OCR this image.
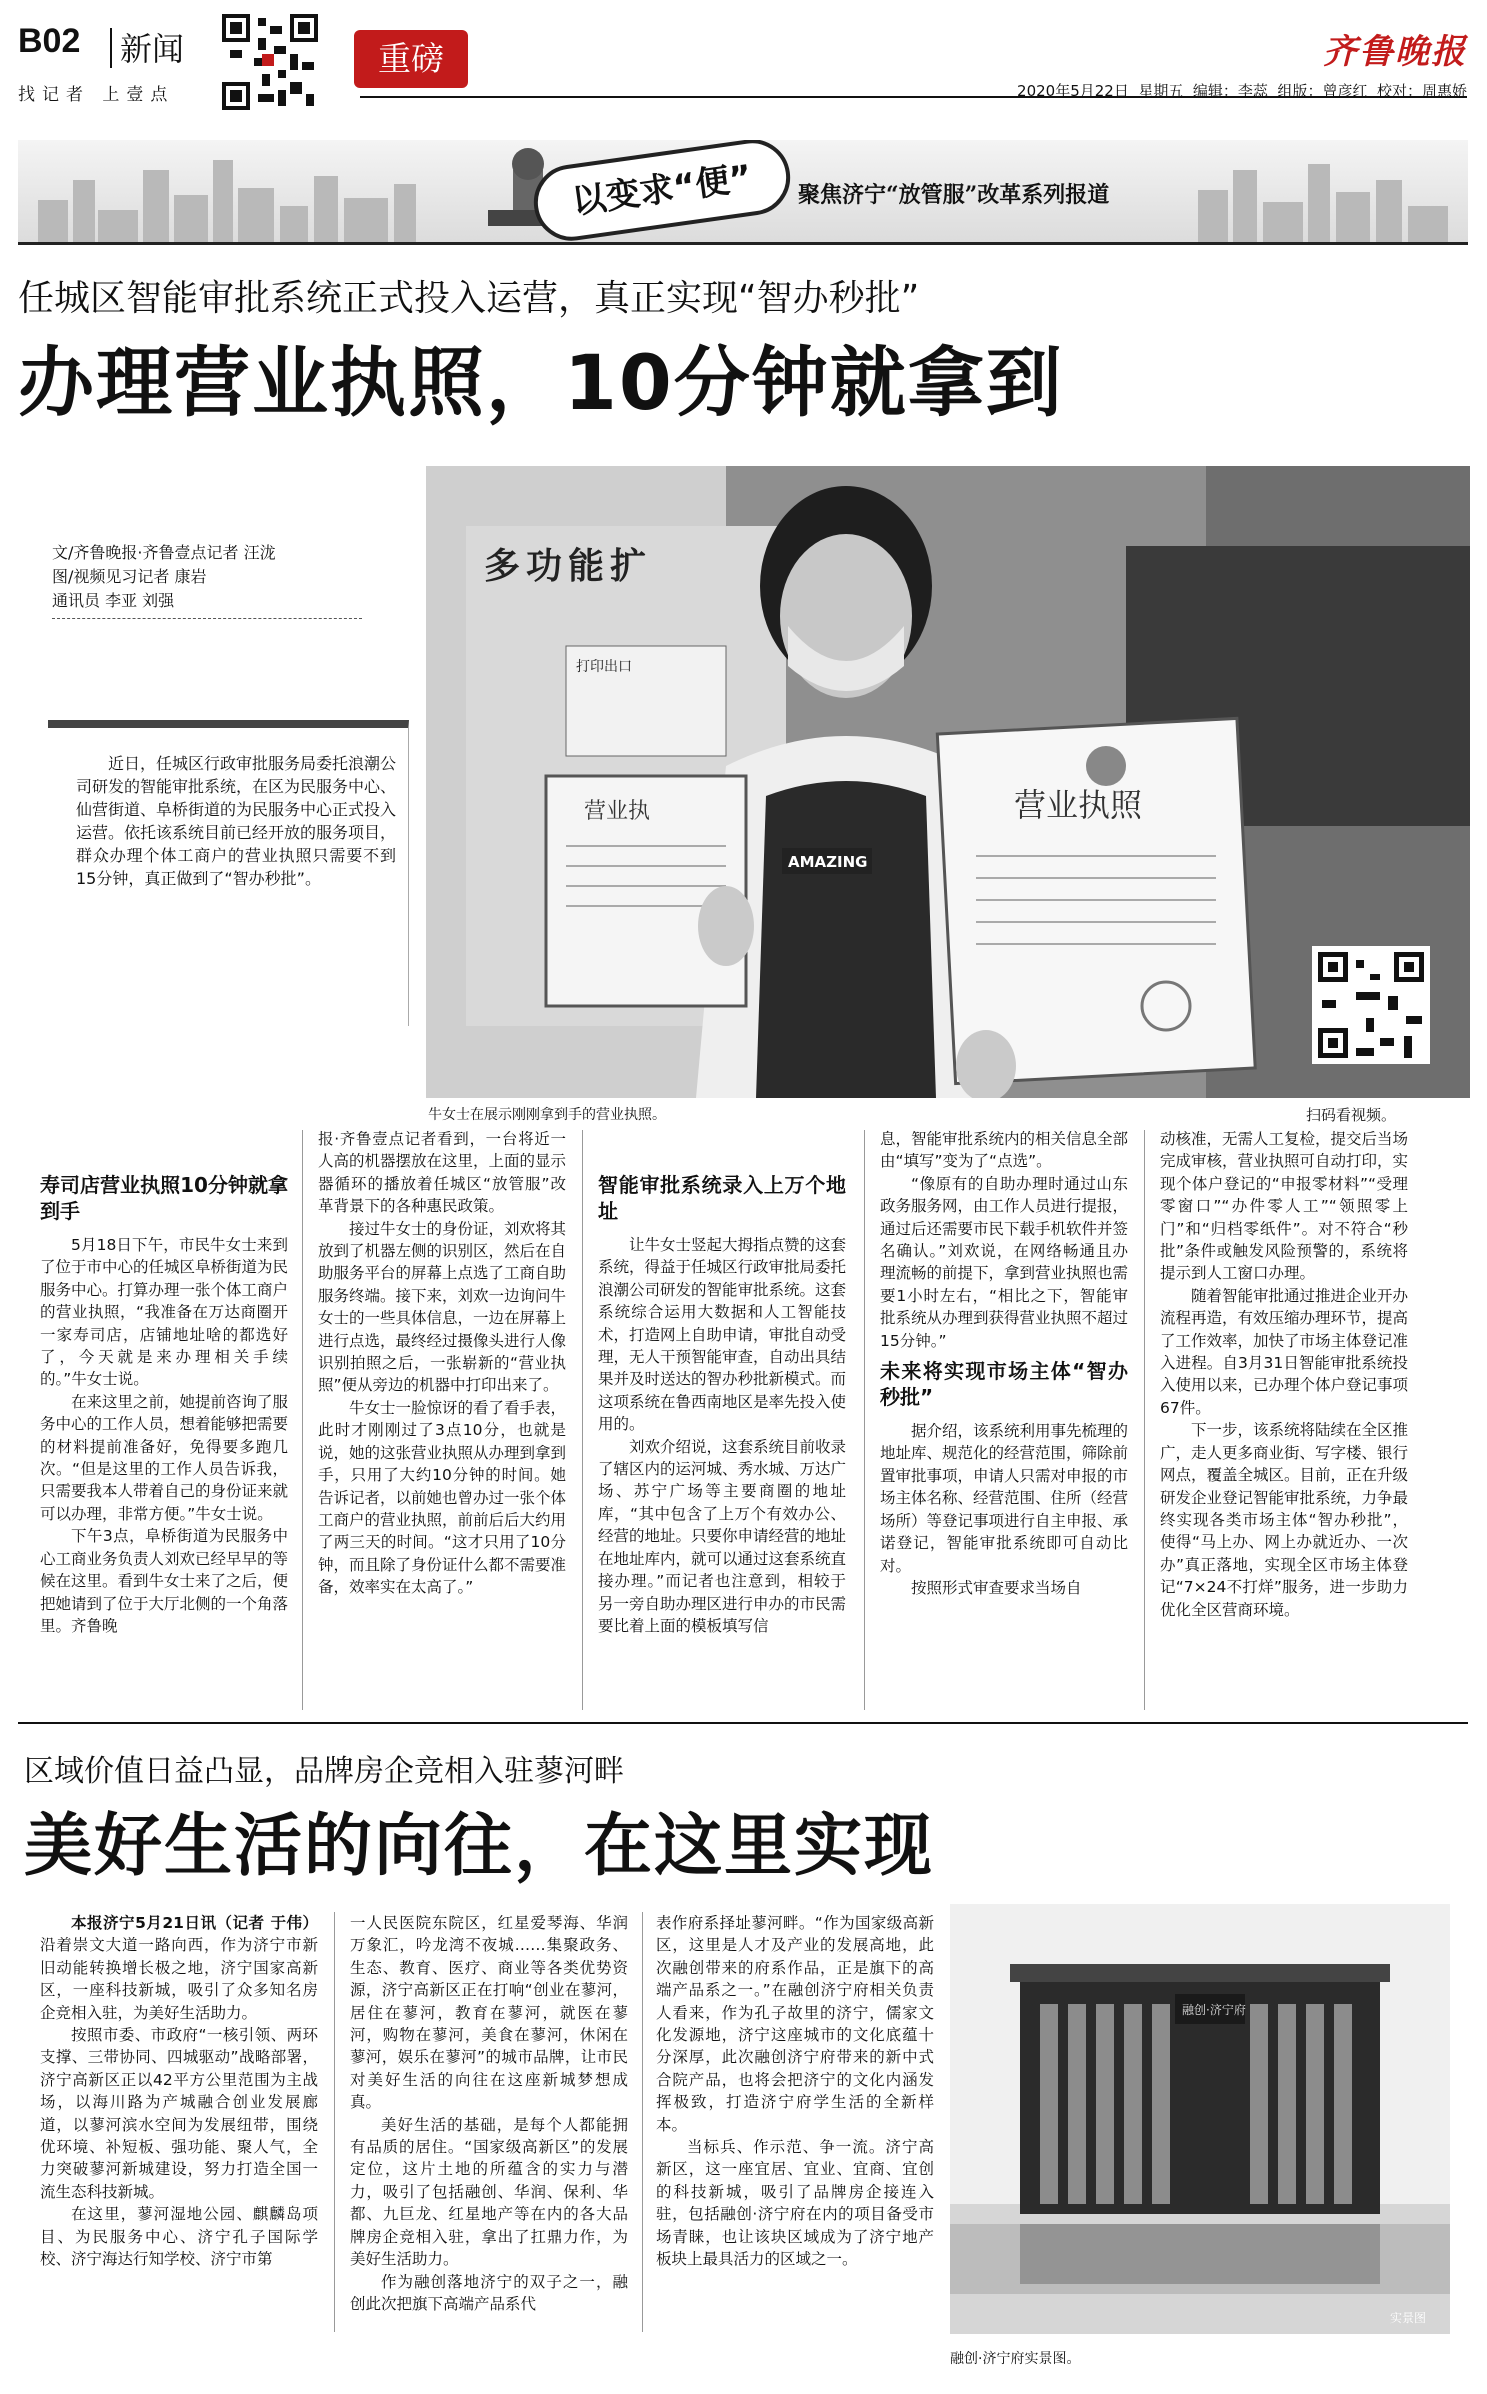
B02 新闻
找记者 上壹点
重磅	齐鲁晚报
2020年5月22日  星期五  编辑：李蕊  组版：曾彦红  校对：周惠娇
以变求“便”	聚焦济宁“放管服”改革系列报道
任城区智能审批系统正式投入运营，真正实现“智办秒批”
办理营业执照，10分钟就拿到
文/齐鲁晚报·齐鲁壹点记者 汪泷
图/视频见习记者 康岩
通讯员 李亚 刘强
近日，任城区行政审批服务局委托浪潮公司研发的智能审批系统，在区为民服务中心、仙营街道、阜桥街道的为民服务中心正式投入运营。依托该系统目前已经开放的服务项目，群众办理个体工商户的营业执照只需要不到15分钟，真正做到了“智办秒批”。
多功能扩
打印出口
AMAZING
营业执	营业执照
牛女士在展示刚刚拿到手的营业执照。	扫码看视频。
寿司店营业执照10分钟就拿到手

5月18日下午，市民牛女士来到了位于市中心的任城区阜桥街道为民服务中心。打算办理一张个体工商户的营业执照，“我准备在万达商圈开一家寿司店，店铺地址啥的都选好了，今天就是来办理相关手续的。”牛女士说。

在来这里之前，她提前咨询了服务中心的工作人员，想着能够把需要的材料提前准备好，免得要多跑几次。“但是这里的工作人员告诉我，只需要我本人带着自己的身份证来就可以办理，非常方便。”牛女士说。

下午3点，阜桥街道为民服务中心工商业务负责人刘欢已经早早的等候在这里。看到牛女士来了之后，便把她请到了位于大厅北侧的一个角落里。齐鲁晚

报·齐鲁壹点记者看到，一台将近一人高的机器摆放在这里，上面的显示器循环的播放着任城区“放管服”改革背景下的各种惠民政策。

接过牛女士的身份证，刘欢将其放到了机器左侧的识别区，然后在自助服务平台的屏幕上点选了工商自助服务终端。接下来，刘欢一边询问牛女士的一些具体信息，一边在屏幕上进行点选，最终经过摄像头进行人像识别拍照之后，一张崭新的“营业执照”便从旁边的机器中打印出来了。

牛女士一脸惊讶的看了看手表，此时才刚刚过了3点10分，也就是说，她的这张营业执照从办理到拿到手，只用了大约10分钟的时间。她告诉记者，以前她也曾办过一张个体工商户的营业执照，前前后后大约用了两三天的时间。“这才只用了10分钟，而且除了身份证什么都不需要准备，效率实在太高了。”

智能审批系统录入上万个地址

让牛女士竖起大拇指点赞的这套系统，得益于任城区行政审批局委托浪潮公司研发的智能审批系统。这套系统综合运用大数据和人工智能技术，打造网上自助申请，审批自动受理，无人干预智能审查，自动出具结果并及时送达的智办秒批新模式。而这项系统在鲁西南地区是率先投入使用的。

刘欢介绍说，这套系统目前收录了辖区内的运河城、秀水城、万达广场、苏宁广场等主要商圈的地址库，“其中包含了上万个有效办公、经营的地址。只要你申请经营的地址在地址库内，就可以通过这套系统直接办理。”而记者也注意到，相较于另一旁自助办理区进行申办的市民需要比着上面的模板填写信

息，智能审批系统内的相关信息全部由“填写”变为了“点选”。

“像原有的自助办理时通过山东政务服务网，由工作人员进行提报，通过后还需要市民下载手机软件并签名确认。”刘欢说，在网络畅通且办理流畅的前提下，拿到营业执照也需要1小时左右，“相比之下，智能审批系统从办理到获得营业执照不超过15分钟。”

未来将实现市场主体“智办秒批”

据介绍，该系统利用事先梳理的地址库、规范化的经营范围，筛除前置审批事项，申请人只需对申报的市场主体名称、经营范围、住所（经营场所）等登记事项进行自主申报、承诺登记，智能审批系统即可自动比对。

按照形式审查要求当场自

动核准，无需人工复检，提交后当场完成审核，营业执照可自动打印，实现个体户登记的“申报零材料”“受理零窗口”“办件零人工”“领照零上门”和“归档零纸件”。对不符合“秒批”条件或触发风险预警的，系统将提示到人工窗口办理。

随着智能审批通过推进企业开办流程再造，有效压缩办理环节，提高了工作效率，加快了市场主体登记准入进程。自3月31日智能审批系统投入使用以来，已办理个体户登记事项67件。

下一步，该系统将陆续在全区推广，走人更多商业街、写字楼、银行网点，覆盖全城区。目前，正在升级研发企业登记智能审批系统，力争最终实现各类市场主体“智办秒批”，使得“马上办、网上办就近办、一次办”真正落地，实现全区市场主体登记“7×24不打烊”服务，进一步助力优化全区营商环境。

区域价值日益凸显，品牌房企竞相入驻蓼河畔
美好生活的向往，在这里实现

本报济宁5月21日讯（记者 于伟）沿着崇文大道一路向西，作为济宁市新旧动能转换增长极之地，济宁国家高新区，一座科技新城，吸引了众多知名房企竞相入驻，为美好生活助力。

按照市委、市政府“一核引领、两环支撑、三带协同、四城驱动”战略部署，济宁高新区正以42平方公里范围为主战场，以海川路为产城融合创业发展廊道，以蓼河滨水空间为发展纽带，围绕优环境、补短板、强功能、聚人气，全力突破蓼河新城建设，努力打造全国一流生态科技新城。

在这里，蓼河湿地公园、麒麟岛项目、为民服务中心、济宁孔子国际学校、济宁海达行知学校、济宁市第

一人民医院东院区，红星爱琴海、华润万象汇，吟龙湾不夜城……集聚政务、生态、教育、医疗、商业等各类优势资源，济宁高新区正在打响“创业在蓼河，居住在蓼河，教育在蓼河，就医在蓼河，购物在蓼河，美食在蓼河，休闲在蓼河，娱乐在蓼河”的城市品牌，让市民对美好生活的向往在这座新城梦想成真。

美好生活的基础，是每个人都能拥有品质的居住。“国家级高新区”的发展定位，这片土地的所蕴含的实力与潜力，吸引了包括融创、华润、保利、华都、九巨龙、红星地产等在内的各大品牌房企竞相入驻，拿出了扛鼎力作，为美好生活助力。

作为融创落地济宁的双子之一，融创此次把旗下高端产品系代

表作府系择址蓼河畔。“作为国家级高新区，这里是人才及产业的发展高地，此次融创带来的府系作品，正是旗下的高端产品系之一。”在融创济宁府相关负责人看来，作为孔子故里的济宁，儒家文化发源地，济宁这座城市的文化底蕴十分深厚，此次融创济宁府带来的新中式合院产品，也将会把济宁的文化内涵发挥极致，打造济宁府学生活的全新样本。

当标兵、作示范、争一流。济宁高新区，这一座宜居、宜业、宜商、宜创的科技新城，吸引了品牌房企接连入驻，包括融创·济宁府在内的项目备受市场青睐，也让该块区域成为了济宁地产板块上最具活力的区域之一。

融创·济宁府
实景图
融创·济宁府实景图。
